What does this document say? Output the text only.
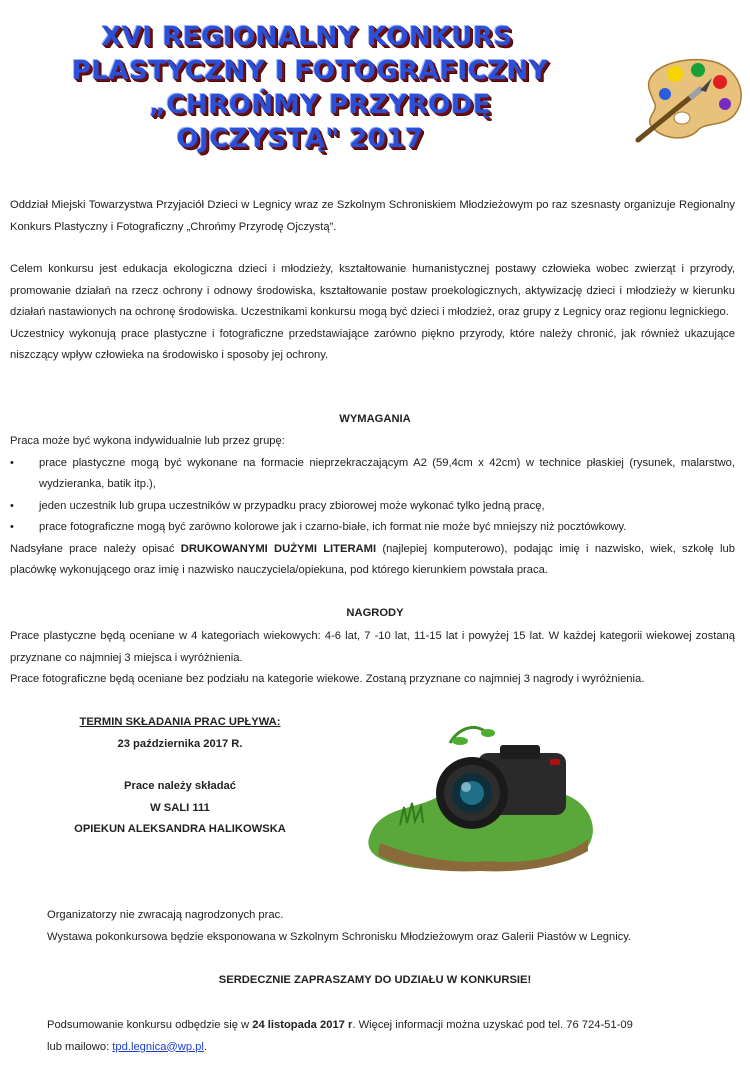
XVI REGIONALNY KONKURS
PLASTYCZNY I FOTOGRAFICZNY
„CHROŃMY PRZYRODĘ
OJCZYSTĄ" 2017

Oddział Miejski Towarzystwa Przyjaciół Dzieci w Legnicy wraz ze Szkolnym Schroniskiem Młodzieżowym po raz szesnasty organizuje Regionalny Konkurs Plastyczny i Fotograficzny „Chrońmy Przyrodę Ojczystą”.

Celem konkursu jest edukacja ekologiczna dzieci i młodzieży, kształtowanie humanistycznej postawy człowieka wobec zwierząt i przyrody, promowanie działań na rzecz ochrony i odnowy środowiska, kształtowanie postaw proekologicznych, aktywizację dzieci i młodzieży w kierunku działań nastawionych na ochronę środowiska. Uczestnikami konkursu mogą być dzieci i młodzież, oraz grupy z Legnicy oraz regionu legnickiego.

Uczestnicy wykonują prace plastyczne i fotograficzne przedstawiające zarówno piękno przyrody, które należy chronić, jak również ukazujące niszczący wpływ człowieka na środowisko i sposoby jej ochrony.

WYMAGANIA

Praca może być wykona indywidualnie lub przez grupę:

• prace plastyczne mogą być wykonane na formacie nieprzekraczającym A2 (59,4cm x 42cm) w technice płaskiej (rysunek, malarstwo, wydzieranka, batik itp.),
• jeden uczestnik lub grupa uczestników w przypadku pracy zbiorowej może wykonać tylko jedną pracę,
• prace fotograficzne mogą być zarówno kolorowe jak i czarno-białe, ich format nie może być mniejszy niż pocztówkowy.

Nadsyłane prace należy opisać DRUKOWANYMI DUŻYMI LITERAMI (najlepiej komputerowo), podając imię i nazwisko, wiek, szkołę lub placówkę wykonującego oraz imię i nazwisko nauczyciela/opiekuna, pod którego kierunkiem powstała praca.

NAGRODY

Prace plastyczne będą oceniane w 4 kategoriach wiekowych: 4-6 lat, 7 -10 lat, 11-15 lat i powyżej 15 lat. W każdej kategorii wiekowej zostaną przyznane co najmniej 3 miejsca i wyróżnienia.

Prace fotograficzne będą oceniane bez podziału na kategorie wiekowe. Zostaną przyznane co najmniej 3 nagrody i wyróżnienia.

TERMIN SKŁADANIA PRAC UPŁYWA:
23 października 2017 R.
Prace należy składać
W SALI 111
OPIEKUN ALEKSANDRA HALIKOWSKA

Organizatorzy nie zwracają nagrodzonych prac.

Wystawa pokonkursowa będzie eksponowana w Szkolnym Schronisku Młodzieżowym oraz Galerii Piastów w Legnicy.

SERDECZNIE ZAPRASZAMY DO UDZIAŁU W KONKURSIE!

Podsumowanie konkursu odbędzie się w 24 listopada 2017 r. Więcej informacji można uzyskać pod tel. 76 724-51-09

lub mailowo: tpd.legnica@wp.pl.
